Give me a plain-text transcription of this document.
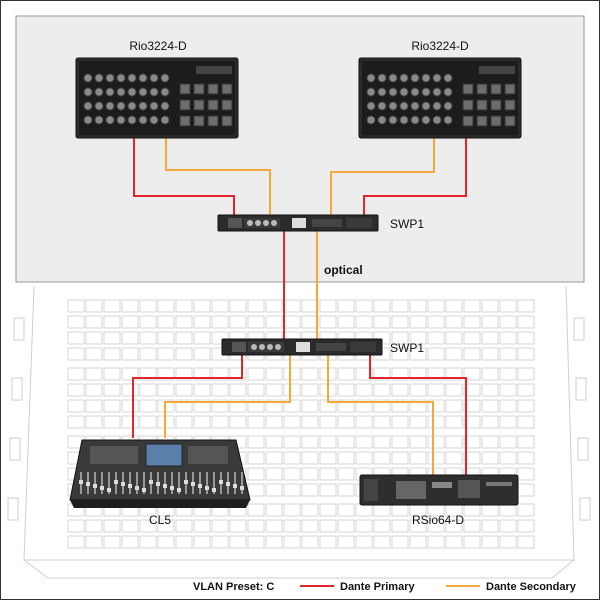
Rio3224-D	Rio3224-D
SWP1
optical
SWP1
CL5	RSio64-D
VLAN Preset: C	Dante Primary	Dante Secondary
